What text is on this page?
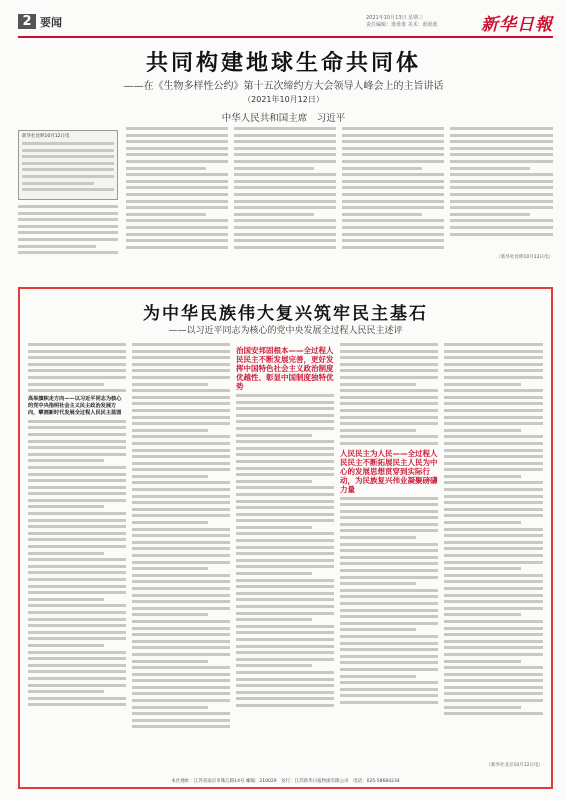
2 要闻	2021年10月13日 星期三
责任编辑：谁谁谁 美术：谁谁谁	新华日報
共同构建地球生命共同体
——在《生物多样性公约》第十五次缔约方大会领导人峰会上的主旨讲话
（2021年10月12日）
中华人民共和国主席　习近平
新华社昆明10月12日电
（新华社昆明10月12日电）
为中华民族伟大复兴筑牢民主基石
——以习近平同志为核心的党中央发展全过程人民民主述评
高举旗帜走方向——以习近平同志为核心的党中央指明社会主义民主政治发展方向，擘画新时代发展全过程人民民主蓝图
治国安邦固根本——全过程人民民主不断发展完善，更好发挥中国特色社会主义政治制度优越性、彰显中国制度独特优势
人民民主为人民——全过程人民民主不断拓展民主人民为中心的发展思想贯穿到实际行动，为民族复兴伟业凝聚磅礴力量
（新华社北京10月12日电）
本社地址：江苏省南京市珠江路14号 邮编：210029　发行：江苏新华日报物流有限公司　电话：025-58684234
